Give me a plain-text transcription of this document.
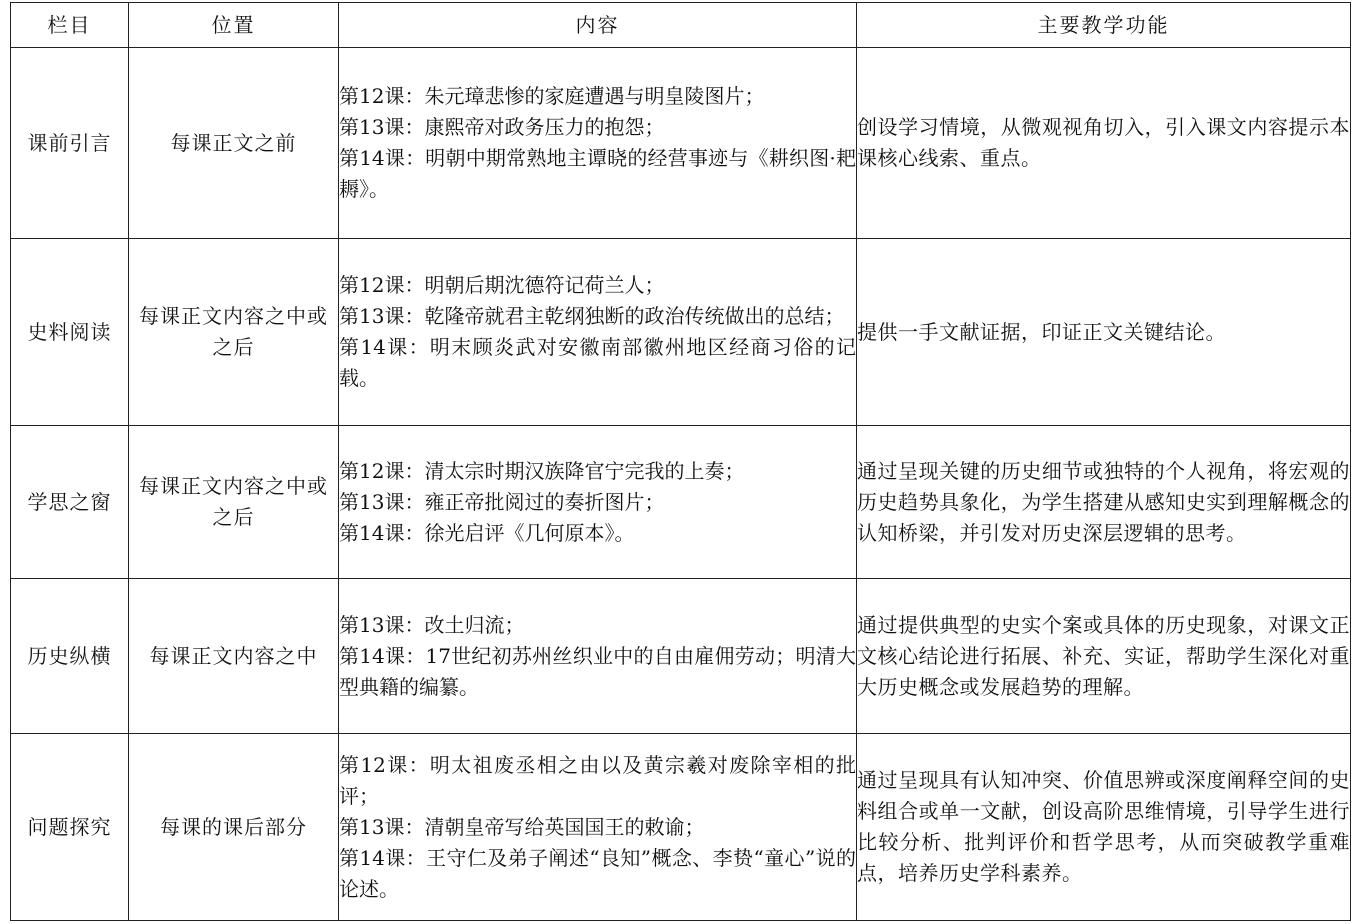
栏目	位置	内容	主要教学功能
课前引言	每课正文之前	第12课：朱元璋悲惨的家庭遭遇与明皇陵图片；
第13课：康熙帝对政务压力的抱怨；
第14课：明朝中期常熟地主谭晓的经营事迹与《耕织图·耙耨》。	创设学习情境，从微观视角切入，引入课文内容提示本课核心线索、重点。
史料阅读	每课正文内容之中或之后	第12课：明朝后期沈德符记荷兰人；
第13课：乾隆帝就君主乾纲独断的政治传统做出的总结；
第14课：明末顾炎武对安徽南部徽州地区经商习俗的记载。	提供一手文献证据，印证正文关键结论。
学思之窗	每课正文内容之中或之后	第12课：清太宗时期汉族降官宁完我的上奏；
第13课：雍正帝批阅过的奏折图片；
第14课：徐光启评《几何原本》。	通过呈现关键的历史细节或独特的个人视角，将宏观的历史趋势具象化，为学生搭建从感知史实到理解概念的认知桥梁，并引发对历史深层逻辑的思考。
历史纵横	每课正文内容之中	第13课：改土归流；
第14课：17世纪初苏州丝织业中的自由雇佣劳动；明清大型典籍的编纂。	通过提供典型的史实个案或具体的历史现象，对课文正文核心结论进行拓展、补充、实证，帮助学生深化对重大历史概念或发展趋势的理解。
问题探究	每课的课后部分	第12课：明太祖废丞相之由以及黄宗羲对废除宰相的批评；
第13课：清朝皇帝写给英国国王的敕谕；
第14课：王守仁及弟子阐述“良知”概念、李贽“童心”说的论述。	通过呈现具有认知冲突、价值思辨或深度阐释空间的史料组合或单一文献，创设高阶思维情境，引导学生进行比较分析、批判评价和哲学思考，从而突破教学重难点，培养历史学科素养。
